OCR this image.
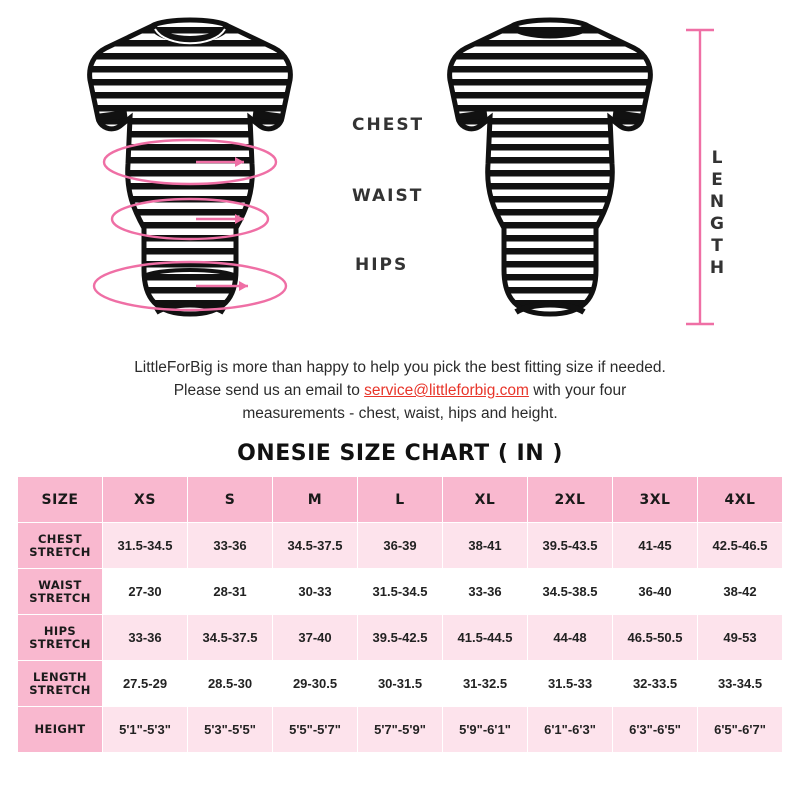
CHEST
WAIST
HIPS	LENGTH
LittleForBig is more than happy to help you pick the best fitting size if needed.
Please send us an email to service@littleforbig.com with your four
measurements - chest, waist, hips and height.
ONESIE SIZE CHART ( IN )
SIZE	XS	S	M	L	XL	2XL	3XL	4XL

CHEST
STRETCH	31.5-34.5	33-36	34.5-37.5	36-39	38-41	39.5-43.5	41-45	42.5-46.5

WAIST
STRETCH	27-30	28-31	30-33	31.5-34.5	33-36	34.5-38.5	36-40	38-42

HIPS
STRETCH	33-36	34.5-37.5	37-40	39.5-42.5	41.5-44.5	44-48	46.5-50.5	49-53

LENGTH
STRETCH	27.5-29	28.5-30	29-30.5	30-31.5	31-32.5	31.5-33	32-33.5	33-34.5

HEIGHT	5'1"-5'3"	5'3"-5'5"	5'5"-5'7"	5'7"-5'9"	5'9"-6'1"	6'1"-6'3"	6'3"-6'5"	6'5"-6'7"
